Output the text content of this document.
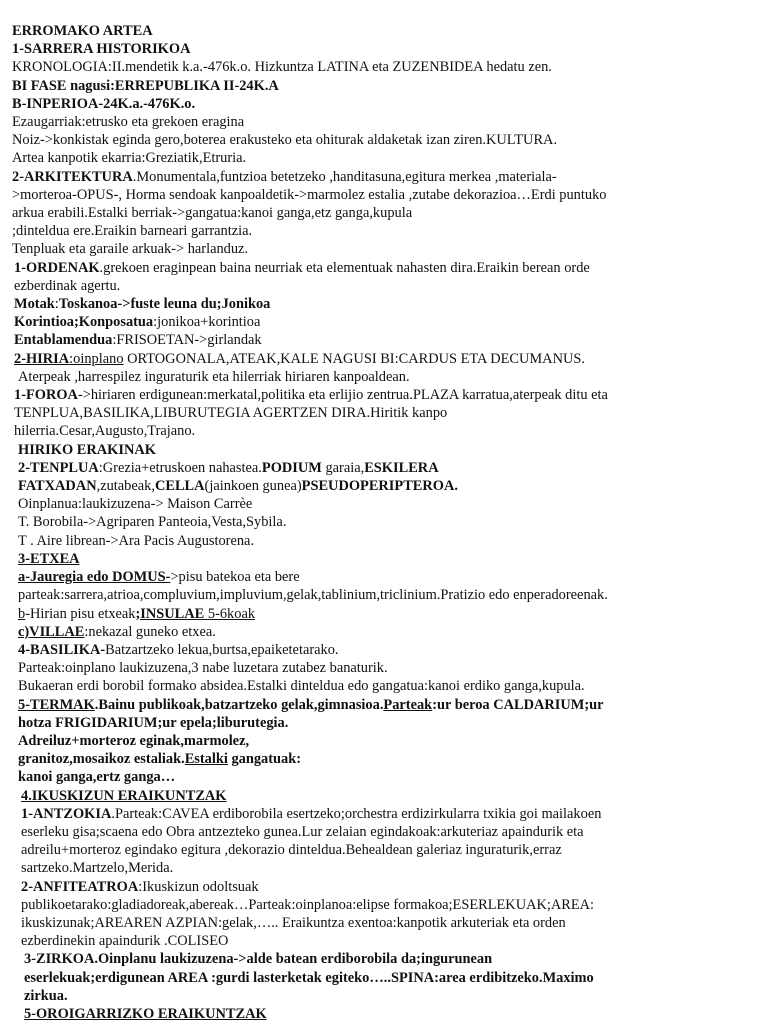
ERROMAKO ARTEA
1-SARRERA HISTORIKOA
KRONOLOGIA:II.mendetik k.a.-476k.o. Hizkuntza LATINA eta ZUZENBIDEA hedatu zen.
BI FASE nagusi:ERREPUBLIKA II-24K.A
B-INPERIOA-24K.a.-476K.o.
Ezaugarriak:etrusko eta grekoen eragina
Noiz->konkistak eginda gero,boterea erakusteko eta ohiturak aldaketak izan ziren.KULTURA.
Artea kanpotik ekarria:Greziatik,Etruria.
2-ARKITEKTURA.Monumentala,funtzioa betetzeko ,handitasuna,egitura merkea ,materiala-
>morteroa-OPUS-, Horma sendoak kanpoaldetik->marmolez estalia ,zutabe dekorazioa…Erdi puntuko
arkua erabili.Estalki berriak->gangatua:kanoi ganga,etz ganga,kupula
;dinteldua ere.Eraikin barneari garrantzia.
Tenpluak eta garaile arkuak-> harlanduz.
1-ORDENAK.grekoen eraginpean baina neurriak eta elementuak nahasten dira.Eraikin berean orde
ezberdinak agertu.
Motak:Toskanoa->fuste leuna du;Jonikoa
Korintioa;Konposatua:jonikoa+korintioa
Entablamendua:FRISOETAN->girlandak
2-HIRIA:oinplano ORTOGONALA,ATEAK,KALE NAGUSI BI:CARDUS ETA DECUMANUS.
Aterpeak ,harrespilez inguraturik eta hilerriak hiriaren kanpoaldean.
1-FOROA->hiriaren erdigunean:merkatal,politika eta erlijio zentrua.PLAZA karratua,aterpeak ditu eta
TENPLUA,BASILIKA,LIBURUTEGIA AGERTZEN DIRA.Hiritik kanpo
hilerria.Cesar,Augusto,Trajano.
HIRIKO ERAKINAK
2-TENPLUA:Grezia+etruskoen nahastea.PODIUM garaia,ESKILERA
FATXADAN,zutabeak,CELLA(jainkoen gunea)PSEUDOPERIPTEROA.
Oinplanua:laukizuzena-> Maison Carrèe
T. Borobila->Agriparen Panteoia,Vesta,Sybila.
T . Aire librean->Ara Pacis Augustorena.
3-ETXEA
a-Jauregia edo DOMUS->pisu batekoa eta bere
parteak:sarrera,atrioa,compluvium,impluvium,gelak,tablinium,triclinium.Pratizio edo enperadoreenak.
b-Hirian pisu etxeak;INSULAE 5-6koak
c)VILLAE:nekazal guneko etxea.
4-BASILIKA-Batzartzeko lekua,burtsa,epaiketetarako.
Parteak:oinplano laukizuzena,3 nabe luzetara zutabez banaturik.
Bukaeran erdi borobil formako absidea.Estalki dinteldua edo gangatua:kanoi erdiko ganga,kupula.
5-TERMAK.Bainu publikoak,batzartzeko gelak,gimnasioa.Parteak:ur beroa CALDARIUM;ur
hotza FRIGIDARIUM;ur epela;liburutegia.
Adreiluz+morteroz eginak,marmolez,
granitoz,mosaikoz estaliak.Estalki gangatuak:
kanoi ganga,ertz ganga…
4.IKUSKIZUN ERAIKUNTZAK
1-ANTZOKIA.Parteak:CAVEA erdiborobila esertzeko;orchestra erdizirkularra txikia goi mailakoen
eserleku gisa;scaena edo Obra antzezteko gunea.Lur zelaian egindakoak:arkuteriaz apaindurik eta
adreilu+morteroz egindako egitura ,dekorazio dinteldua.Behealdean galeriaz inguraturik,erraz
sartzeko.Martzelo,Merida.
2-ANFITEATROA:Ikuskizun odoltsuak
publikoetarako:gladiadoreak,abereak…Parteak:oinplanoa:elipse formakoa;ESERLEKUAK;AREA:
ikuskizunak;AREAREN AZPIAN:gelak,….. Eraikuntza exentoa:kanpotik arkuteriak eta orden
ezberdinekin apaindurik .COLISEO
3-ZIRKOA.Oinplanu laukizuzena->alde batean erdiborobila da;ingurunean
eserlekuak;erdigunean AREA :gurdi lasterketak egiteko…..SPINA:area erdibitzeko.Maximo
zirkua.
5-OROIGARRIZKO ERAIKUNTZAK
